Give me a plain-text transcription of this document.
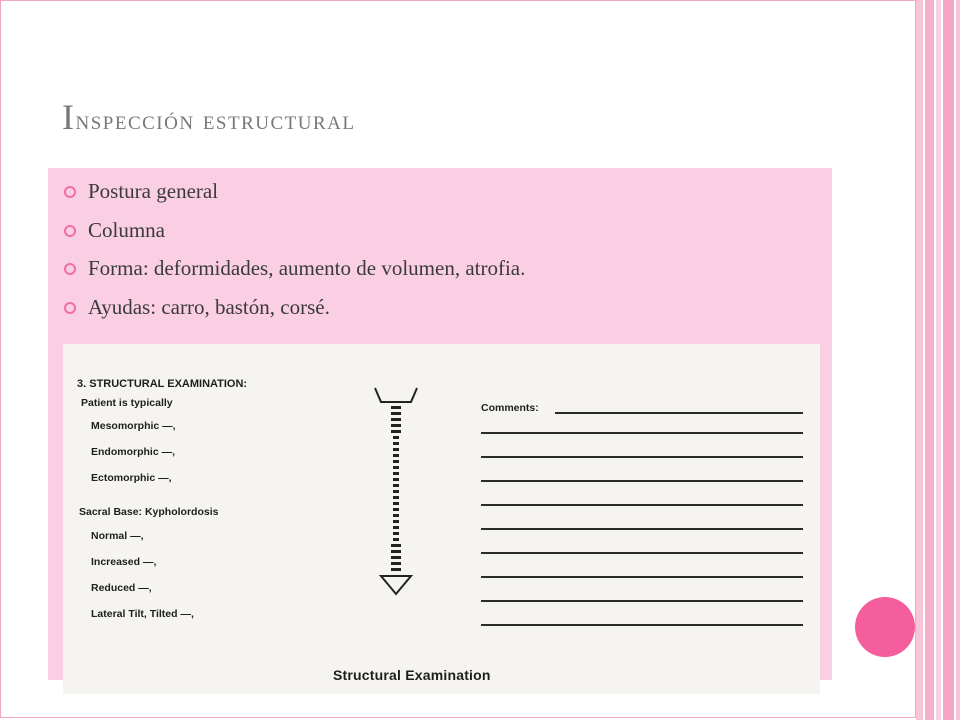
Inspección estructural
Postura general
Columna
Forma: deformidades, aumento de volumen, atrofia.
Ayudas: carro, bastón, corsé.
3. STRUCTURAL EXAMINATION:
Patient is typically
Mesomorphic —,
Endomorphic —,
Ectomorphic —,
Sacral Base: Kypholordosis
Normal —,
Increased —,
Reduced —,
Lateral Tilt, Tilted —,
Comments:
Structural Examination
